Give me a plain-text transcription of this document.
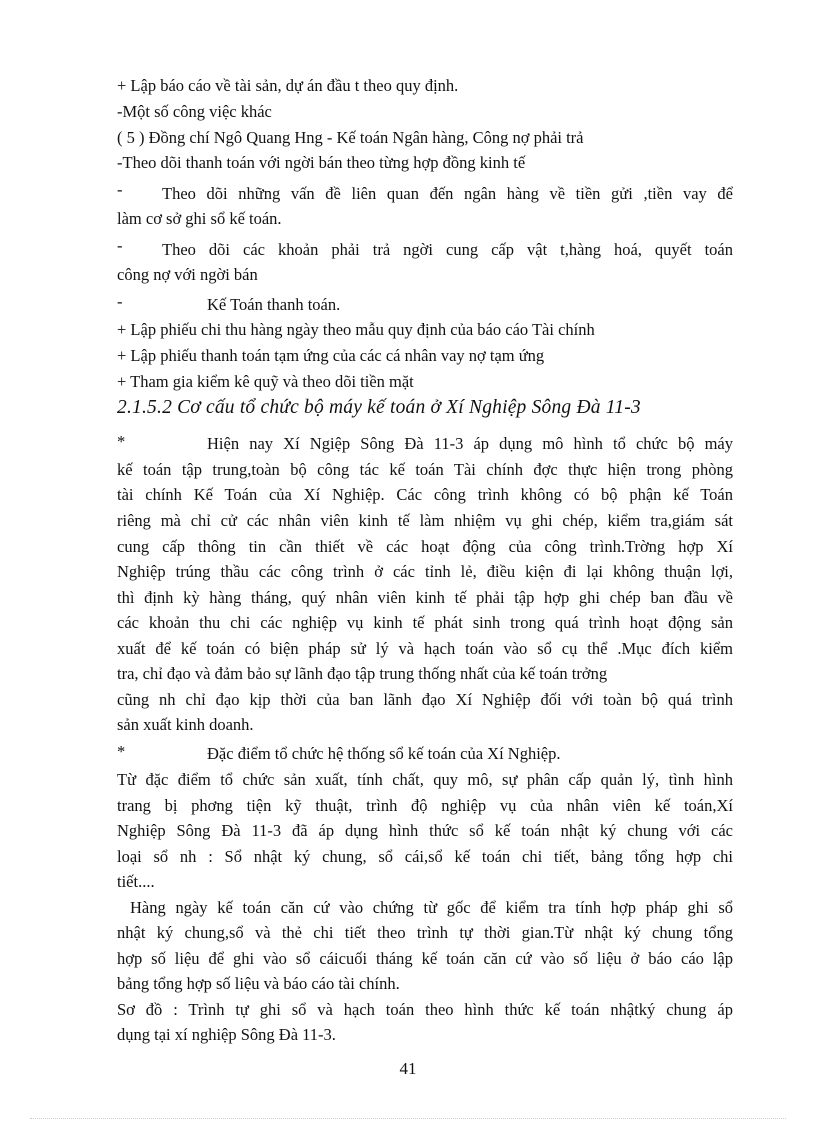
+ Lập báo cáo về tài sản, dự án đầu t theo quy định.
-Một số công việc khác
( 5 ) Đồng chí Ngô Quang Hng - Kế toán Ngân hàng, Công nợ phải trả
-Theo dõi thanh toán với ngời bán theo từng hợp đồng kinh tế
- Theo dõi những vấn đề liên quan đến ngân hàng về tiền gửi ,tiền vay để
làm cơ sở ghi sổ kế toán.
- Theo dõi các khoản phải trả ngời cung cấp vật t,hàng hoá, quyết toán
công nợ với ngời bán
-	Kế Toán thanh toán.
+ Lập phiếu chi thu hàng ngày theo mẫu quy định của báo cáo Tài chính
+ Lập phiếu thanh toán tạm ứng của các cá nhân vay nợ tạm ứng
+ Tham gia kiểm kê quỹ và theo dõi tiền mặt
2.1.5.2 Cơ cấu tổ chức bộ máy kế toán ở Xí Nghiệp Sông Đà 11-3
*	Hiện nay Xí Ngiệp Sông Đà 11-3 áp dụng mô hình tổ chức bộ máy
kế toán tập trung,toàn bộ công tác kế toán Tài chính đợc thực hiện trong phòng
tài chính Kế Toán của Xí Nghiệp. Các công trình không có bộ phận kế Toán
riêng mà chỉ cử các nhân viên kinh tế làm nhiệm vụ ghi chép, kiểm tra,giám sát
cung cấp thông tin cần thiết về các hoạt động của công trình.Trờng hợp Xí
Nghiệp trúng thầu các công trình ở các tỉnh lẻ, điều kiện đi lại không thuận lợi,
thì định kỳ hàng tháng, quý nhân viên kinh tế phải tập hợp ghi chép ban đầu về
các khoản thu chi các nghiệp vụ kinh tế phát sinh trong quá trình hoạt động sản
xuất để kế toán có biện pháp sử lý và hạch toán vào sổ cụ thể .Mục đích kiểm
tra, chỉ đạo và đảm bảo sự lãnh đạo tập trung thống nhất của kế toán trởng
cũng nh chỉ đạo kịp thời của ban lãnh đạo Xí Nghiệp đối với toàn bộ quá trình
sản xuất kinh doanh.
*	Đặc điểm tổ chức hệ thống sổ kế toán của Xí Nghiệp.
Từ đặc điểm tổ chức sản xuất, tính chất, quy mô, sự phân cấp quản lý, tình hình
trang bị phơng tiện kỹ thuật, trình độ nghiệp vụ của nhân viên kế toán,Xí
Nghiệp Sông Đà 11-3 đã áp dụng hình thức sổ kế toán nhật ký chung với các
loại sổ nh : Sổ nhật ký chung, sổ cái,sổ kế toán chi tiết, bảng tổng hợp chi
tiết....
Hàng ngày kế toán căn cứ vào chứng từ gốc để kiểm tra tính hợp pháp ghi sổ
nhật ký chung,sổ và thẻ chi tiết theo trình tự thời gian.Từ nhật ký chung tổng
hợp số liệu để ghi vào sổ cáicuối tháng kế toán căn cứ vào số liệu ở báo cáo lập
bảng tổng hợp số liệu và báo cáo tài chính.
Sơ đồ : Trình tự ghi sổ và hạch toán theo hình thức kế toán nhậtký chung áp
dụng tại xí nghiệp Sông Đà 11-3.
41
